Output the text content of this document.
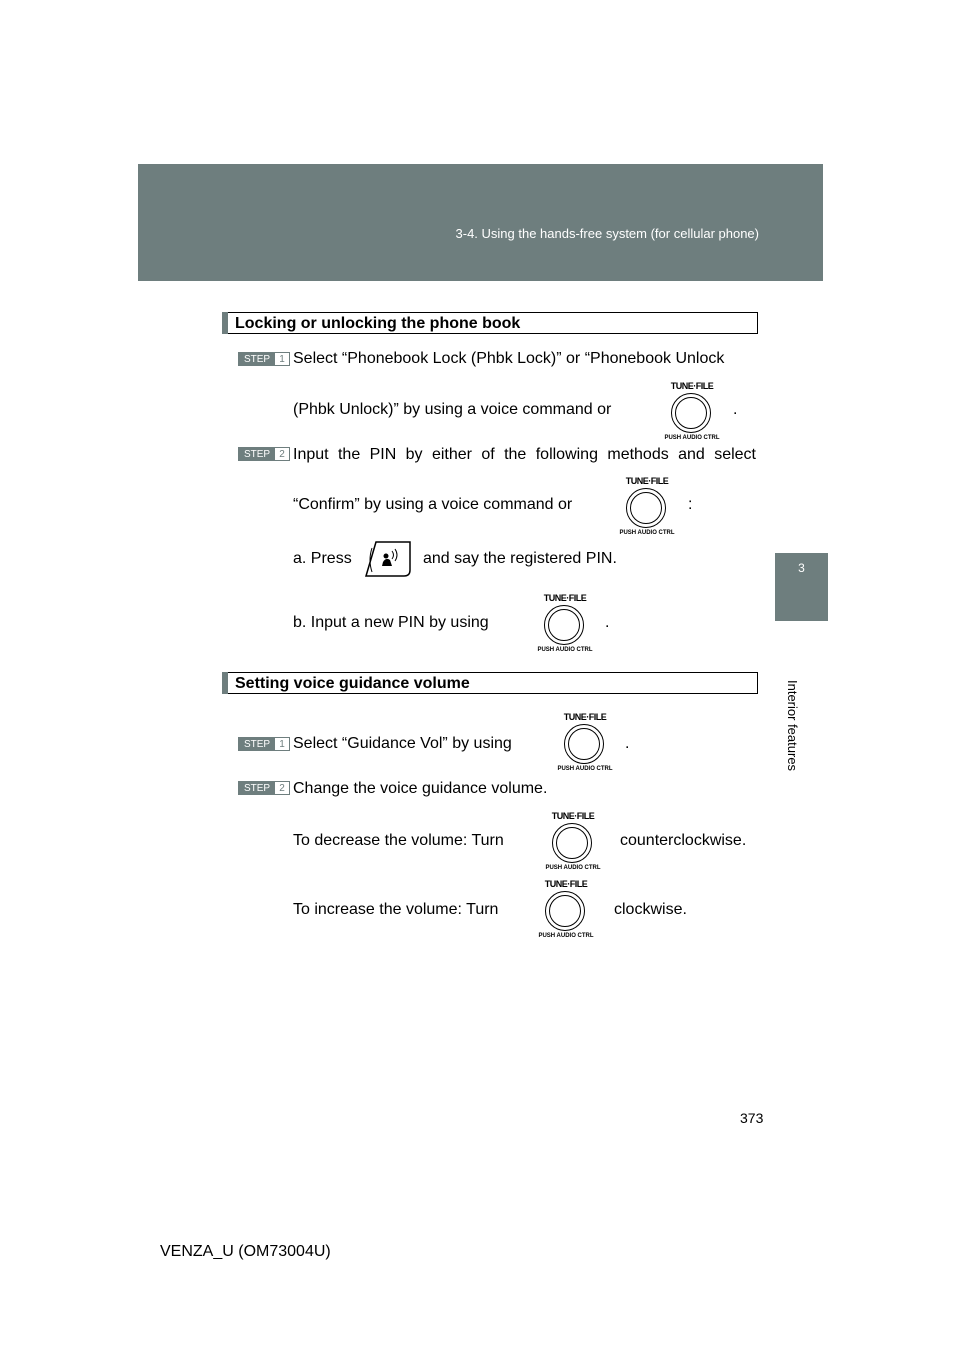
3-4. Using the hands-free system (for cellular phone)
3
Interior features
Locking or unlocking the phone book
STEP 1 Select “Phonebook Lock (Phbk Lock)” or “Phonebook Unlock
(Phbk Unlock)” by using a voice command or
TUNE·FILE
PUSH AUDIO CTRL
.
STEP 2 Input the PIN by either of the following methods and select
“Confirm” by using a voice command or
TUNE·FILE
PUSH AUDIO CTRL
:
a. Press	and say the registered PIN.
b. Input a new PIN by using
TUNE·FILE
PUSH AUDIO CTRL
.
Setting voice guidance volume
STEP 1 Select “Guidance Vol” by using
TUNE·FILE
PUSH AUDIO CTRL
.
STEP 2 Change the voice guidance volume.
To decrease the volume: Turn
TUNE·FILE
PUSH AUDIO CTRL
counterclockwise.
To increase the volume: Turn
TUNE·FILE
PUSH AUDIO CTRL
clockwise.
373
VENZA_U (OM73004U)
